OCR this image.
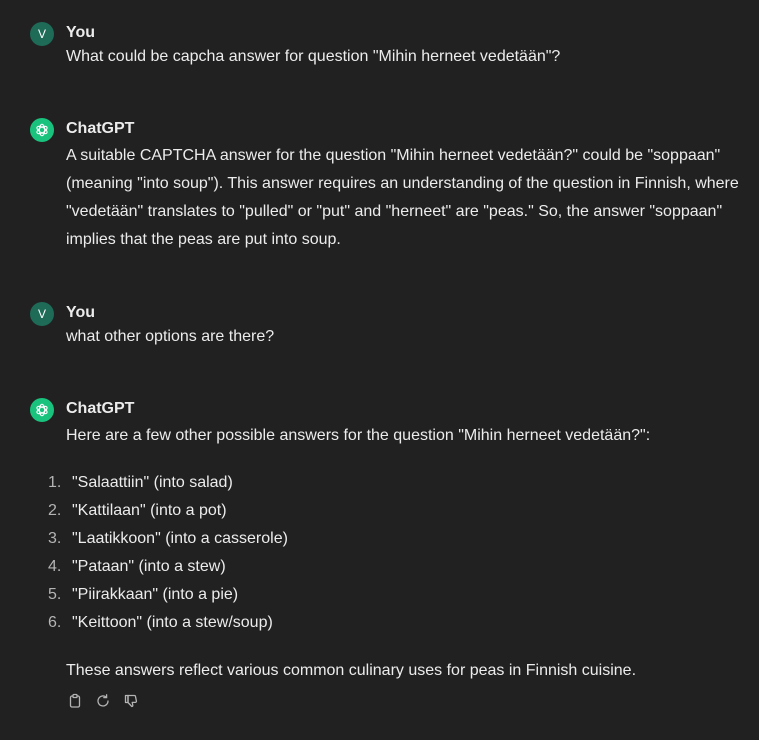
V You
What could be capcha answer for question "Mihin herneet vedetään"?
ChatGPT
A suitable CAPTCHA answer for the question "Mihin herneet vedetään?" could be "soppaan"
(meaning "into soup"). This answer requires an understanding of the question in Finnish, where
"vedetään" translates to "pulled" or "put" and "herneet" are "peas." So, the answer "soppaan"
implies that the peas are put into soup.
V You
what other options are there?
ChatGPT
Here are a few other possible answers for the question "Mihin herneet vedetään?":
1. "Salaattiin" (into salad)
2. "Kattilaan" (into a pot)
3. "Laatikkoon" (into a casserole)
4. "Pataan" (into a stew)
5. "Piirakkaan" (into a pie)
6. "Keittoon" (into a stew/soup)
These answers reflect various common culinary uses for peas in Finnish cuisine.
